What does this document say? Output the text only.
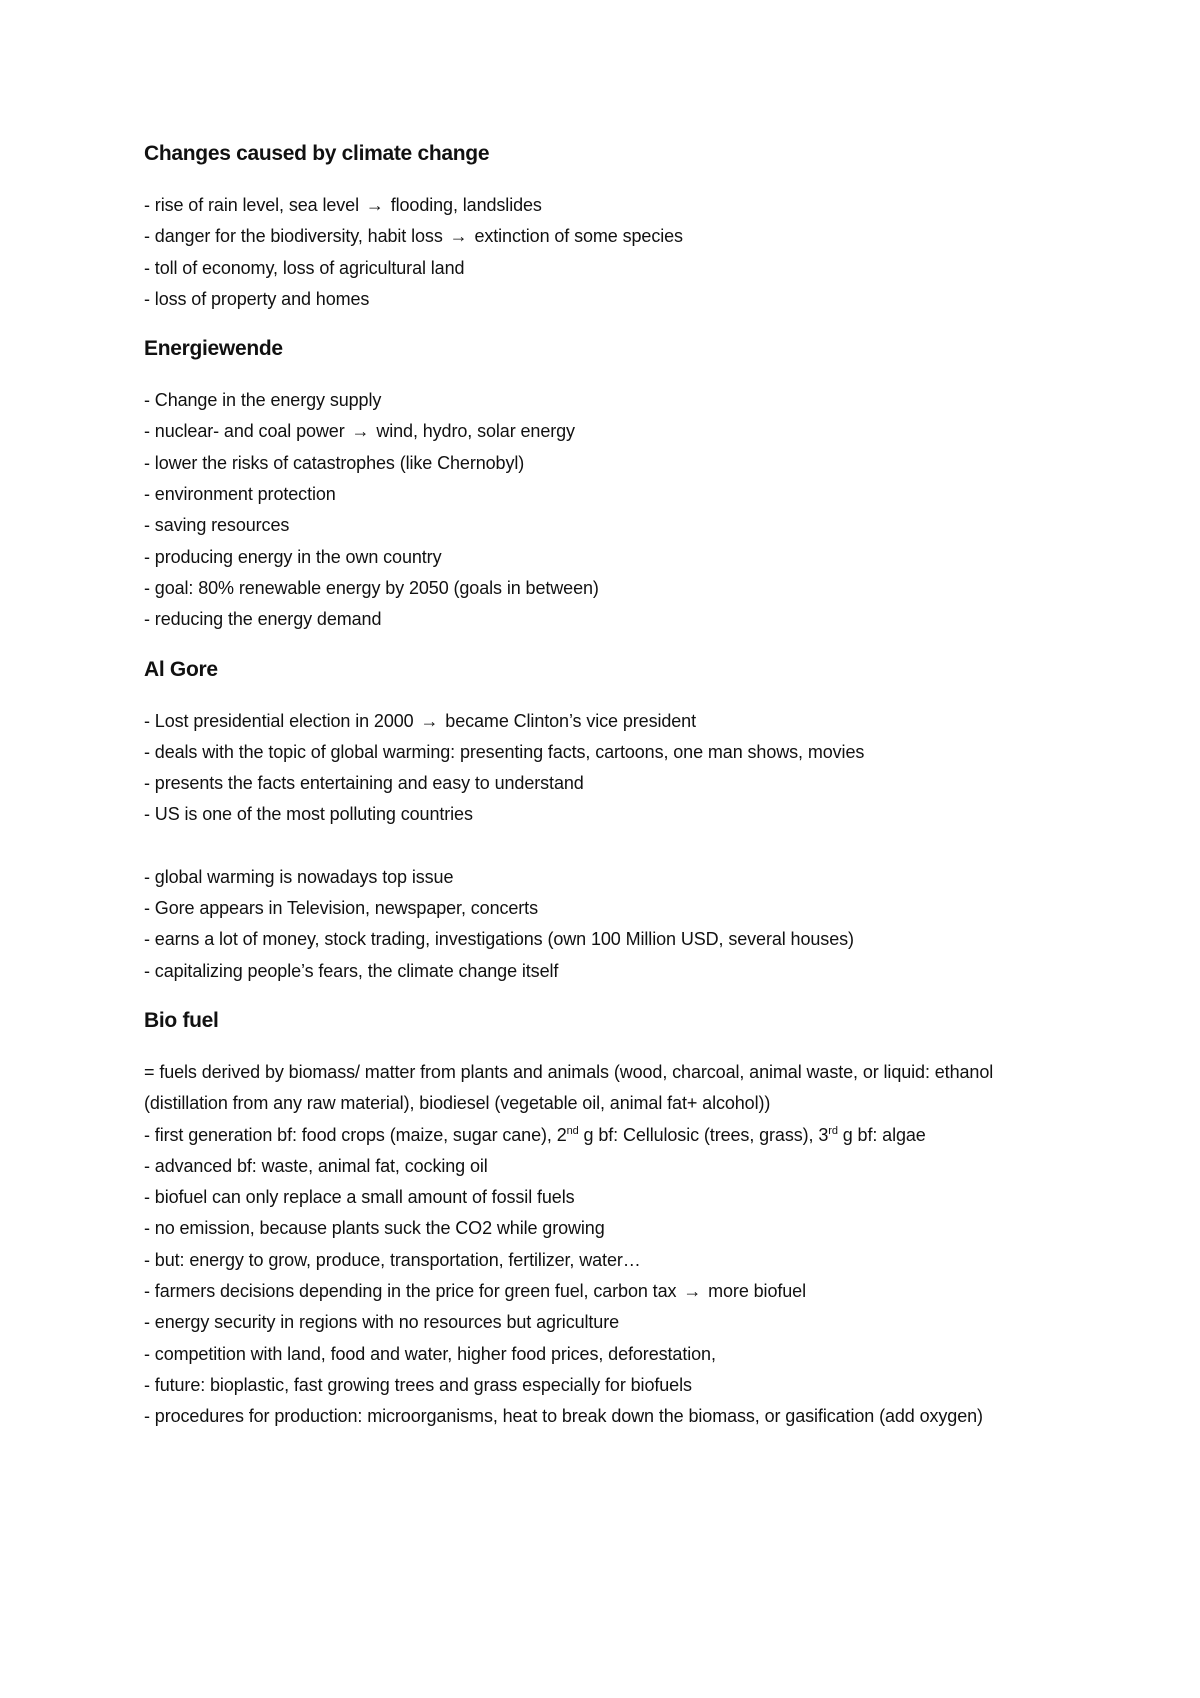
Changes caused by climate change
- rise of rain level, sea level → flooding, landslides
- danger for the biodiversity, habit loss → extinction of some species
- toll of economy, loss of agricultural land
- loss of property and homes
Energiewende
- Change in the energy supply
- nuclear- and coal power → wind, hydro, solar energy
- lower the risks of catastrophes (like Chernobyl)
- environment protection
- saving resources
- producing energy in the own country
- goal: 80% renewable energy by 2050 (goals in between)
- reducing the energy demand
Al Gore
- Lost presidential election in 2000 → became Clinton’s vice president
- deals with the topic of global warming: presenting facts, cartoons, one man shows, movies
- presents the facts entertaining and easy to understand
- US is one of the most polluting countries
- global warming is nowadays top issue
- Gore appears in Television, newspaper, concerts
- earns a lot of money, stock trading, investigations (own 100 Million USD, several houses)
- capitalizing people’s fears, the climate change itself
Bio fuel
= fuels derived by biomass/ matter from plants and animals (wood, charcoal, animal waste, or liquid: ethanol (distillation from any raw material), biodiesel (vegetable oil, animal fat+ alcohol))
- first generation bf: food crops (maize, sugar cane), 2nd g bf: Cellulosic (trees, grass), 3rd g bf: algae
- advanced bf: waste, animal fat, cocking oil
- biofuel can only replace a small amount of fossil fuels
- no emission, because plants suck the CO2 while growing
- but: energy to grow, produce, transportation, fertilizer, water…
- farmers decisions depending in the price for green fuel, carbon tax → more biofuel
- energy security in regions with no resources but agriculture
- competition with land, food and water, higher food prices, deforestation,
- future: bioplastic, fast growing trees and grass especially for biofuels
- procedures for production: microorganisms, heat to break down the biomass, or gasification (add oxygen)
